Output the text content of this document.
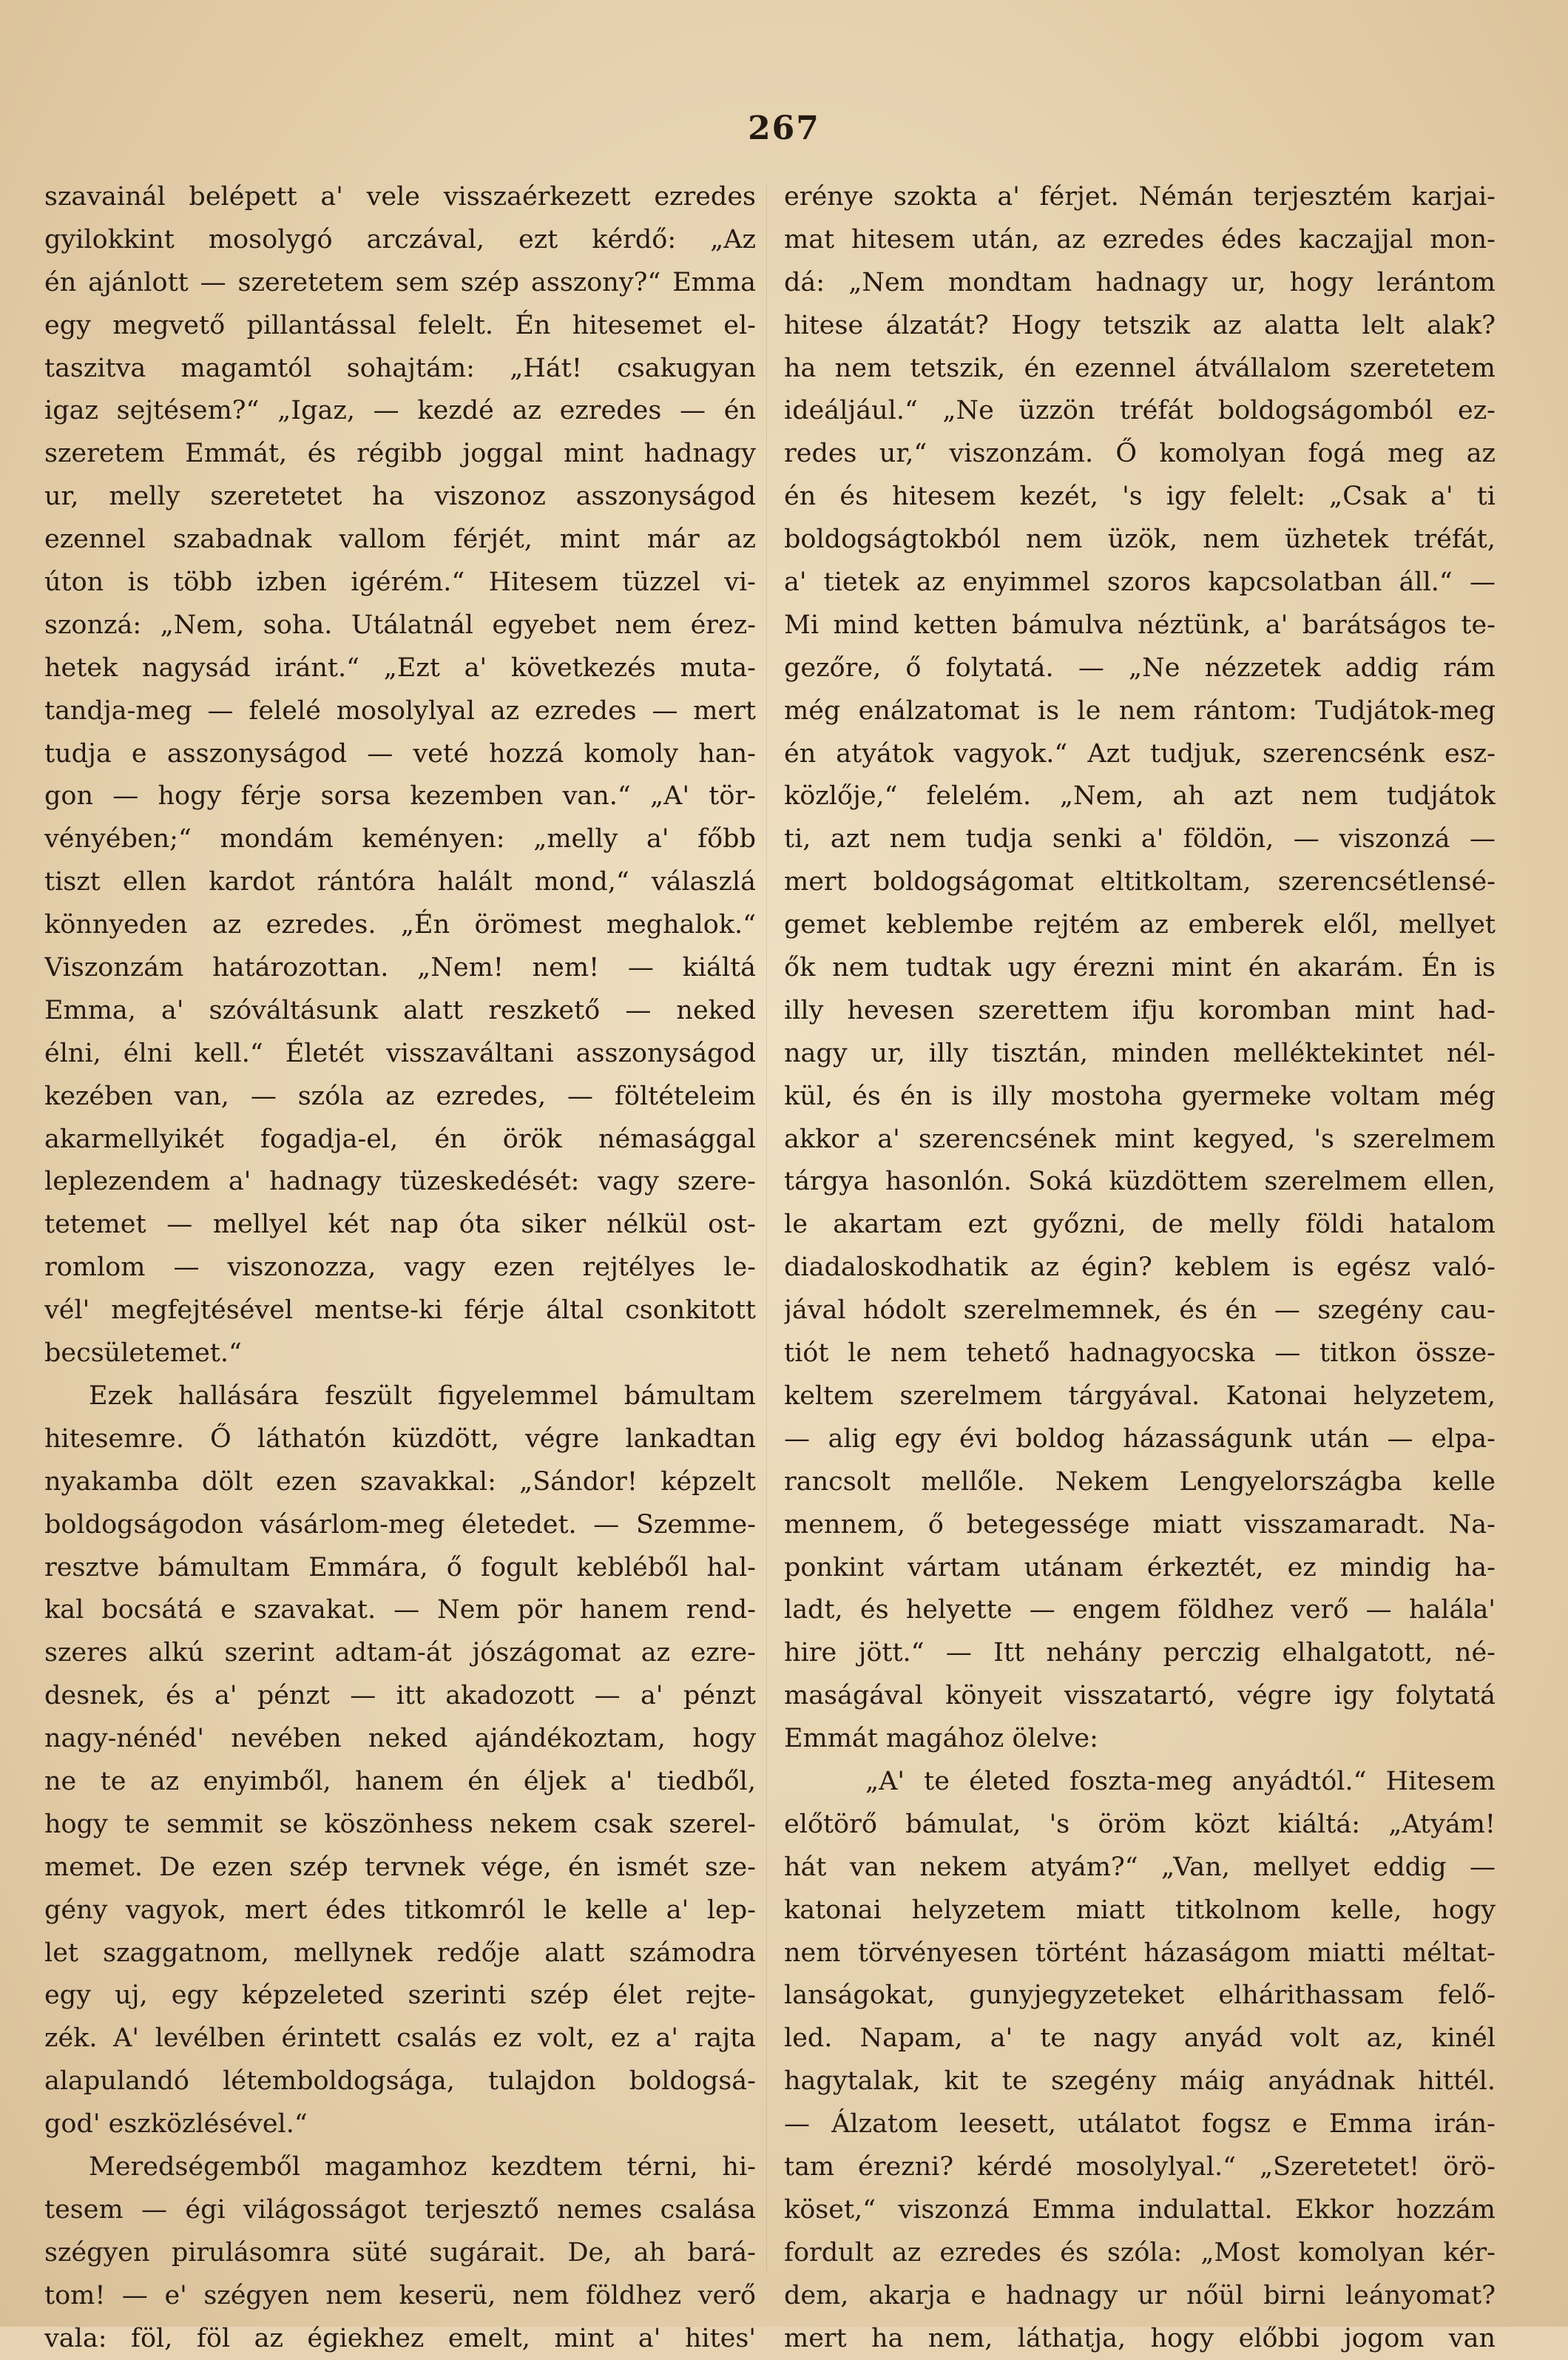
267
szavainál belépett a' vele visszaérkezett ezredes
gyilokkint mosolygó arczával, ezt kérdő: „Az
én ajánlott — szeretetem sem szép asszony?“ Emma
egy megvető pillantással felelt. Én hitesemet el-
taszitva magamtól sohajtám: „Hát! csakugyan
igaz sejtésem?“ „Igaz, — kezdé az ezredes — én
szeretem Emmát, és régibb joggal mint hadnagy
ur, melly szeretetet ha viszonoz asszonyságod
ezennel szabadnak vallom férjét, mint már az
úton is több izben igérém.“ Hitesem tüzzel vi-
szonzá: „Nem, soha. Utálatnál egyebet nem érez-
hetek nagysád iránt.“ „Ezt a' következés muta-
tandja-meg — felelé mosolylyal az ezredes — mert
tudja e asszonyságod — veté hozzá komoly han-
gon — hogy férje sorsa kezemben van.“ „A' tör-
vényében;“ mondám keményen: „melly a' főbb
tiszt ellen kardot rántóra halált mond,“ válaszlá
könnyeden az ezredes. „Én örömest meghalok.“
Viszonzám határozottan. „Nem! nem! — kiáltá
Emma, a' szóváltásunk alatt reszkető — neked
élni, élni kell.“ Életét visszaváltani asszonyságod
kezében van, — szóla az ezredes, — föltételeim
akarmellyikét fogadja-el, én örök némasággal
leplezendem a' hadnagy tüzeskedését: vagy szere-
tetemet — mellyel két nap óta siker nélkül ost-
romlom — viszonozza, vagy ezen rejtélyes le-
vél' megfejtésével mentse-ki férje által csonkitott
becsületemet.“
Ezek hallására feszült figyelemmel bámultam
hitesemre. Ő láthatón küzdött, végre lankadtan
nyakamba dölt ezen szavakkal: „Sándor! képzelt
boldogságodon vásárlom-meg életedet. — Szemme-
resztve bámultam Emmára, ő fogult kebléből hal-
kal bocsátá e szavakat. — Nem pör hanem rend-
szeres alkú szerint adtam-át jószágomat az ezre-
desnek, és a' pénzt — itt akadozott — a' pénzt
nagy-nénéd' nevében neked ajándékoztam, hogy
ne te az enyimből, hanem én éljek a' tiedből,
hogy te semmit se köszönhess nekem csak szerel-
memet. De ezen szép tervnek vége, én ismét sze-
gény vagyok, mert édes titkomról le kelle a' lep-
let szaggatnom, mellynek redője alatt számodra
egy uj, egy képzeleted szerinti szép élet rejte-
zék. A' levélben érintett csalás ez volt, ez a' rajta
alapulandó létemboldogsága, tulajdon boldogsá-
god' eszközlésével.“
Meredségemből magamhoz kezdtem térni, hi-
tesem — égi világosságot terjesztő nemes csalása
szégyen pirulásomra süté sugárait. De, ah bará-
tom! — e' szégyen nem keserü, nem földhez verő
vala: föl, föl az égiekhez emelt, mint a' hites'
erénye szokta a' férjet. Némán terjesztém karjai-
mat hitesem után, az ezredes édes kaczajjal mon-
dá: „Nem mondtam hadnagy ur, hogy lerántom
hitese álzatát? Hogy tetszik az alatta lelt alak?
ha nem tetszik, én ezennel átvállalom szeretetem
ideáljául.“ „Ne üzzön tréfát boldogságomból ez-
redes ur,“ viszonzám. Ő komolyan fogá meg az
én és hitesem kezét, 's igy felelt: „Csak a' ti
boldogságtokból nem üzök, nem üzhetek tréfát,
a' tietek az enyimmel szoros kapcsolatban áll.“ —
Mi mind ketten bámulva néztünk, a' barátságos te-
gezőre, ő folytatá. — „Ne nézzetek addig rám
még enálzatomat is le nem rántom: Tudjátok-meg
én atyátok vagyok.“ Azt tudjuk, szerencsénk esz-
közlője,“ felelém. „Nem, ah azt nem tudjátok
ti, azt nem tudja senki a' földön, — viszonzá —
mert boldogságomat eltitkoltam, szerencsétlensé-
gemet keblembe rejtém az emberek elől, mellyet
ők nem tudtak ugy érezni mint én akarám. Én is
illy hevesen szerettem ifju koromban mint had-
nagy ur, illy tisztán, minden melléktekintet nél-
kül, és én is illy mostoha gyermeke voltam még
akkor a' szerencsének mint kegyed, 's szerelmem
tárgya hasonlón. Soká küzdöttem szerelmem ellen,
le akartam ezt győzni, de melly földi hatalom
diadaloskodhatik az égin? keblem is egész való-
jával hódolt szerelmemnek, és én — szegény cau-
tiót le nem tehető hadnagyocska — titkon össze-
keltem szerelmem tárgyával. Katonai helyzetem,
— alig egy évi boldog házasságunk után — elpa-
rancsolt mellőle. Nekem Lengyelországba kelle
mennem, ő betegessége miatt visszamaradt. Na-
ponkint vártam utánam érkeztét, ez mindig ha-
ladt, és helyette — engem földhez verő — halála'
hire jött.“ — Itt nehány perczig elhalgatott, né-
maságával könyeit visszatartó, végre igy folytatá
Emmát magához ölelve:
„A' te életed foszta-meg anyádtól.“ Hitesem
előtörő bámulat, 's öröm közt kiáltá: „Atyám!
hát van nekem atyám?“ „Van, mellyet eddig —
katonai helyzetem miatt titkolnom kelle, hogy
nem törvényesen történt házaságom miatti méltat-
lanságokat, gunyjegyzeteket elhárithassam felő-
led. Napam, a' te nagy anyád volt az, kinél
hagytalak, kit te szegény máig anyádnak hittél.
— Álzatom leesett, utálatot fogsz e Emma irán-
tam érezni? kérdé mosolylyal.“ „Szeretetet! örö-
köset,“ viszonzá Emma indulattal. Ekkor hozzám
fordult az ezredes és szóla: „Most komolyan kér-
dem, akarja e hadnagy ur nőül birni leányomat?
mert ha nem, láthatja, hogy előbbi jogom van
